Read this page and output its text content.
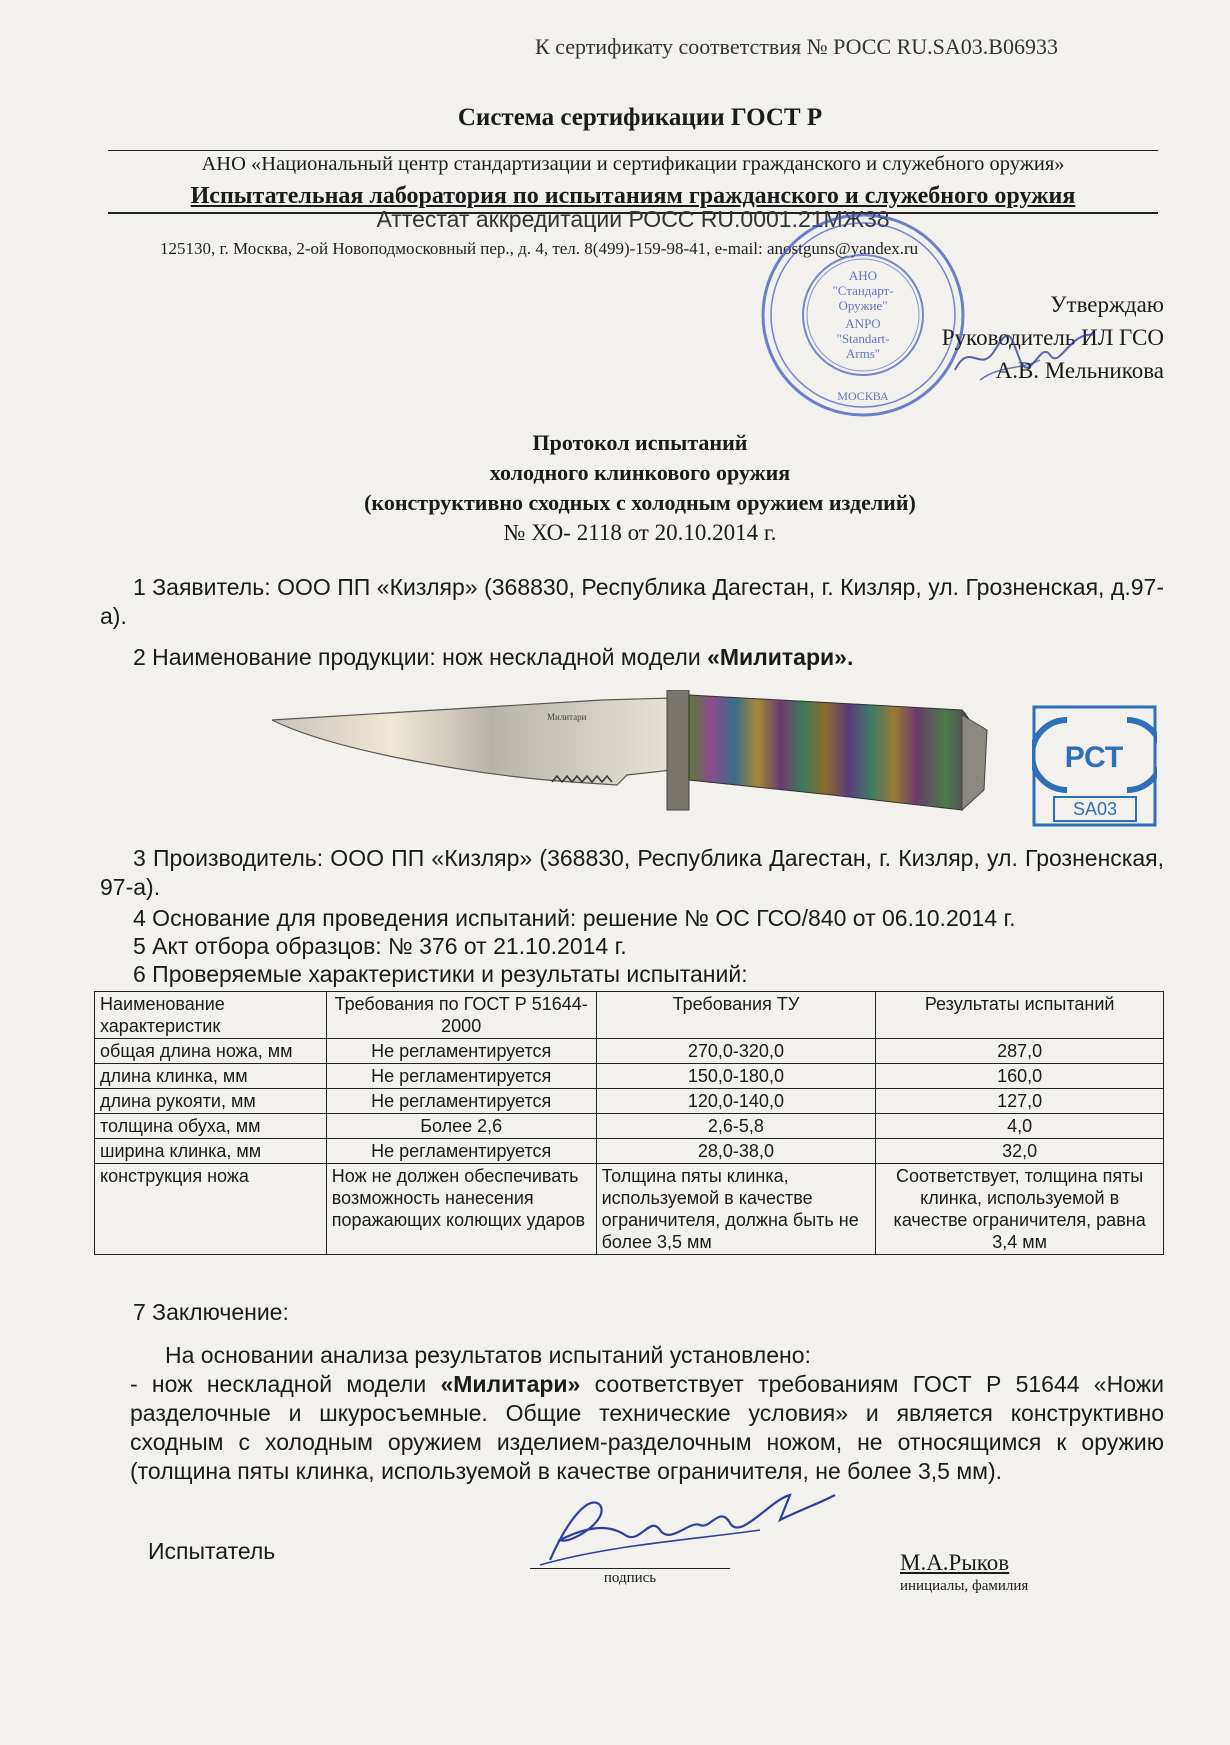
К сертификату соответствия № РОСС RU.SA03.В06933
Система сертификации ГОСТ Р
АНО «Национальный центр стандартизации и сертификации гражданского и служебного оружия»
Испытательная лаборатория по испытаниям гражданского и служебного оружия
Аттестат аккредитации РОСС RU.0001.21МЖ38
125130, г. Москва, 2-ой Новоподмосковный пер., д. 4, тел. 8(499)-159-98-41, e-mail: anostguns@yandex.ru
АНО
"Стандарт-
Оружие"
ANPO
"Standart-
Arms"
МОСКВА
Утверждаю
Руководитель ИЛ ГСО
А.В. Мельникова
Протокол испытаний
холодного клинкового оружия
(конструктивно сходных с холодным оружием изделий)
№ ХО- 2118 от 20.10.2014 г.
1 Заявитель: ООО ПП «Кизляр» (368830, Республика Дагестан, г. Кизляр, ул. Грозненская, д.97-а).
2 Наименование продукции: нож нескладной модели «Милитари».
Милитари
РСТ
SA03
3 Производитель: ООО ПП «Кизляр» (368830, Республика Дагестан, г. Кизляр, ул. Грозненская, 97-а).
4 Основание для проведения испытаний: решение № ОС ГСО/840 от 06.10.2014 г.
5 Акт отбора образцов: № 376 от 21.10.2014 г.
6 Проверяемые характеристики и результаты испытаний:
Наименование характеристик	Требования по ГОСТ Р 51644-2000	Требования ТУ	Результаты испытаний
общая длина ножа, мм	Не регламентируется	270,0-320,0	287,0
длина клинка, мм	Не регламентируется	150,0-180,0	160,0
длина рукояти, мм	Не регламентируется	120,0-140,0	127,0
толщина обуха, мм	Более 2,6	2,6-5,8	4,0
ширина клинка, мм	Не регламентируется	28,0-38,0	32,0
конструкция ножа	Нож не должен обеспечивать возможность нанесения поражающих колющих ударов	Толщина пяты клинка, используемой в качестве ограничителя, должна быть не более 3,5 мм	Соответствует, толщина пяты клинка, используемой в качестве ограничителя, равна 3,4 мм
7 Заключение:
На основании анализа результатов испытаний установлено:
- нож нескладной модели «Милитари» соответствует требованиям ГОСТ Р 51644 «Ножи разделочные и шкуросъемные. Общие технические условия» и является конструктивно сходным с холодным оружием изделием-разделочным ножом, не относящимся к оружию (толщина пяты клинка, используемой в качестве ограничителя, не более 3,5 мм).
Испытатель
подпись
М.А.Рыков
инициалы, фамилия
